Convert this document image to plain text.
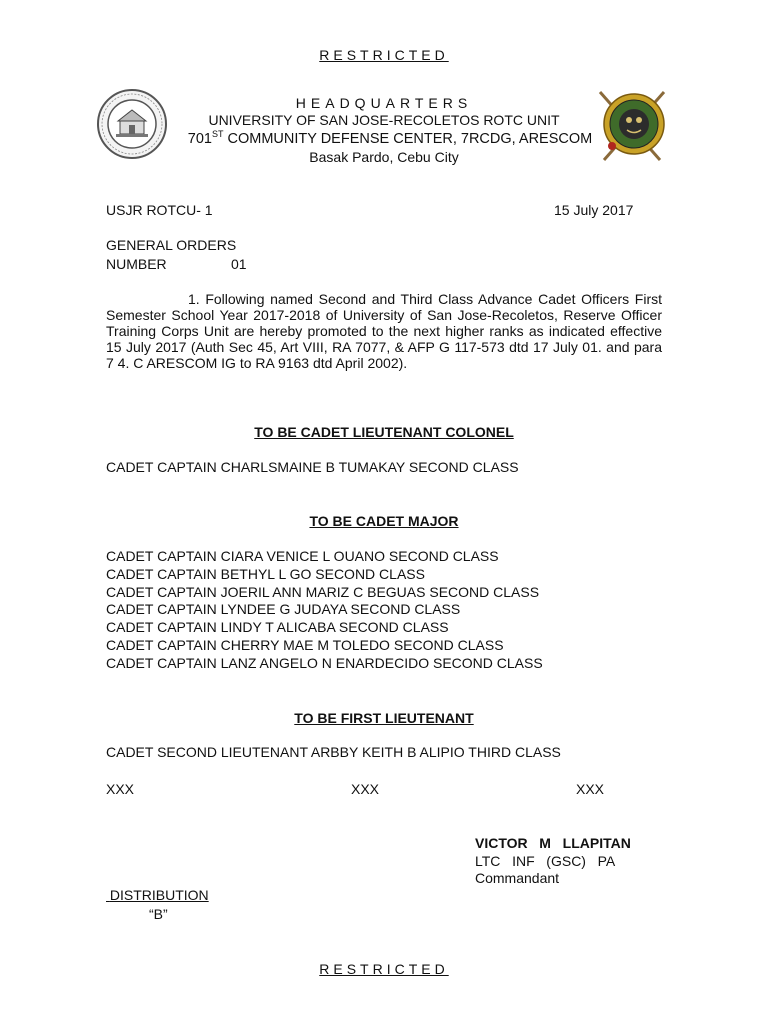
RESTRICTED
HEADQUARTERS
UNIVERSITY OF SAN JOSE-RECOLETOS ROTC UNIT
701ST COMMUNITY DEFENSE CENTER, 7RCDG, ARESCOM
Basak Pardo, Cebu City
USJR ROTCU- 1	15 July 2017
GENERAL ORDERS
NUMBER	01
1. Following named Second and Third Class Advance Cadet Officers First Semester School Year 2017-2018 of University of San Jose-Recoletos, Reserve Officer Training Corps Unit are hereby promoted to the next higher ranks as indicated effective 15 July 2017 (Auth Sec 45, Art VIII, RA 7077, & AFP G 117-573 dtd 17 July 01. and para 7 4. C ARESCOM IG to RA 9163 dtd April 2002).
TO BE CADET LIEUTENANT COLONEL
CADET CAPTAIN CHARLSMAINE B TUMAKAY SECOND CLASS
TO BE CADET MAJOR
CADET CAPTAIN CIARA VENICE L OUANO SECOND CLASS
CADET CAPTAIN BETHYL L GO SECOND CLASS
CADET CAPTAIN JOERIL ANN MARIZ C BEGUAS SECOND CLASS
CADET CAPTAIN LYNDEE G JUDAYA SECOND CLASS
CADET CAPTAIN LINDY T ALICABA SECOND CLASS
CADET CAPTAIN CHERRY MAE M TOLEDO SECOND CLASS
CADET CAPTAIN LANZ ANGELO N ENARDECIDO SECOND CLASS
TO BE FIRST LIEUTENANT
CADET SECOND LIEUTENANT ARBBY KEITH B ALIPIO THIRD CLASS
XXX	XXX	XXX
VICTOR   M   LLAPITAN
LTC   INF   (GSC)   PA
Commandant
DISTRIBUTION
“B”
RESTRICTED
